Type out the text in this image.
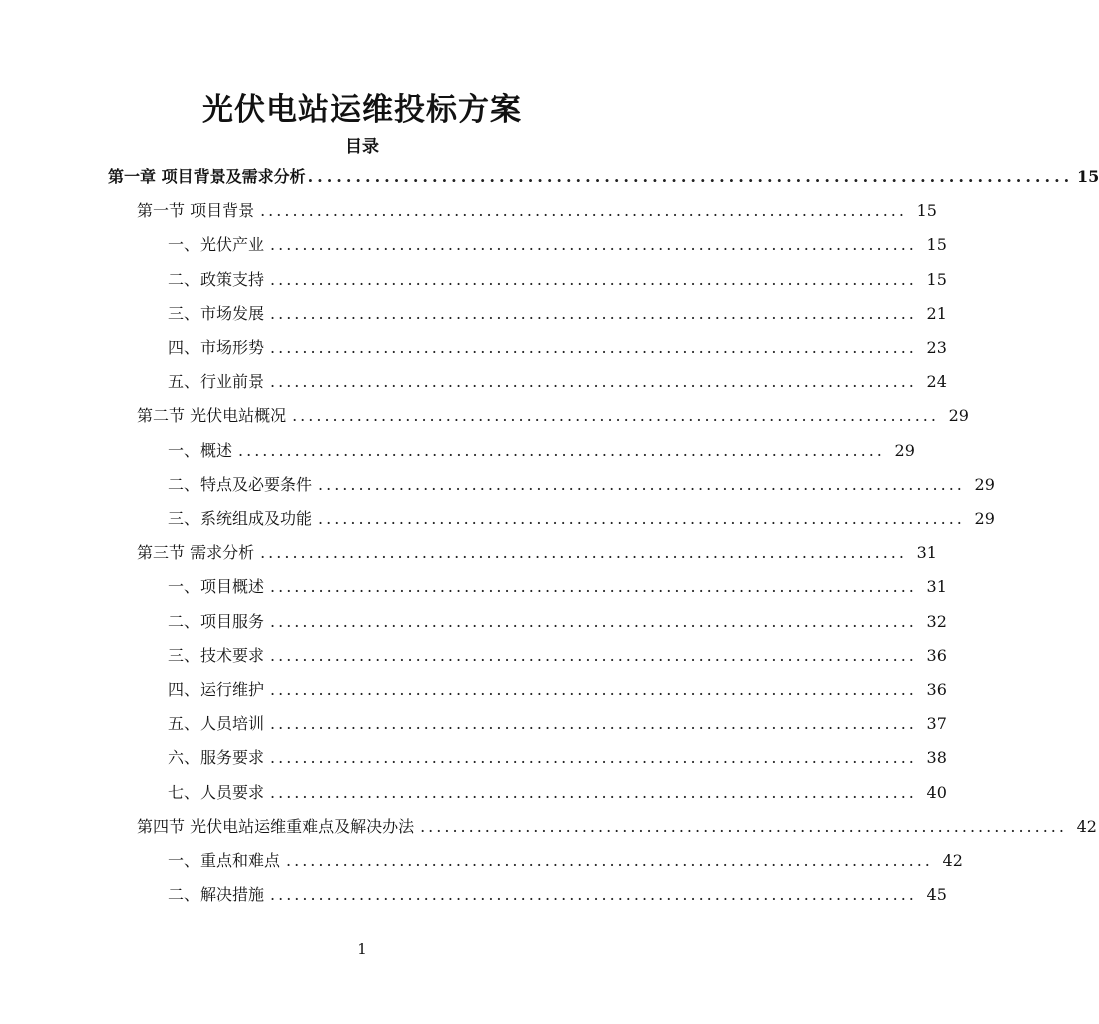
光伏电站运维投标方案
目录
第一章 项目背景及需求分析 ................................................................................ 15
第一节 项目背景 ................................................................................ 15
一、光伏产业 ................................................................................ 15
二、政策支持 ................................................................................ 15
三、市场发展 ................................................................................ 21
四、市场形势 ................................................................................ 23
五、行业前景 ................................................................................ 24
第二节 光伏电站概况 ................................................................................ 29
一、概述 ................................................................................ 29
二、特点及必要条件 ................................................................................ 29
三、系统组成及功能 ................................................................................ 29
第三节 需求分析 ................................................................................ 31
一、项目概述 ................................................................................ 31
二、项目服务 ................................................................................ 32
三、技术要求 ................................................................................ 36
四、运行维护 ................................................................................ 36
五、人员培训 ................................................................................ 37
六、服务要求 ................................................................................ 38
七、人员要求 ................................................................................ 40
第四节 光伏电站运维重难点及解决办法 ................................................................................ 42
一、重点和难点 ................................................................................ 42
二、解决措施 ................................................................................ 45
1
